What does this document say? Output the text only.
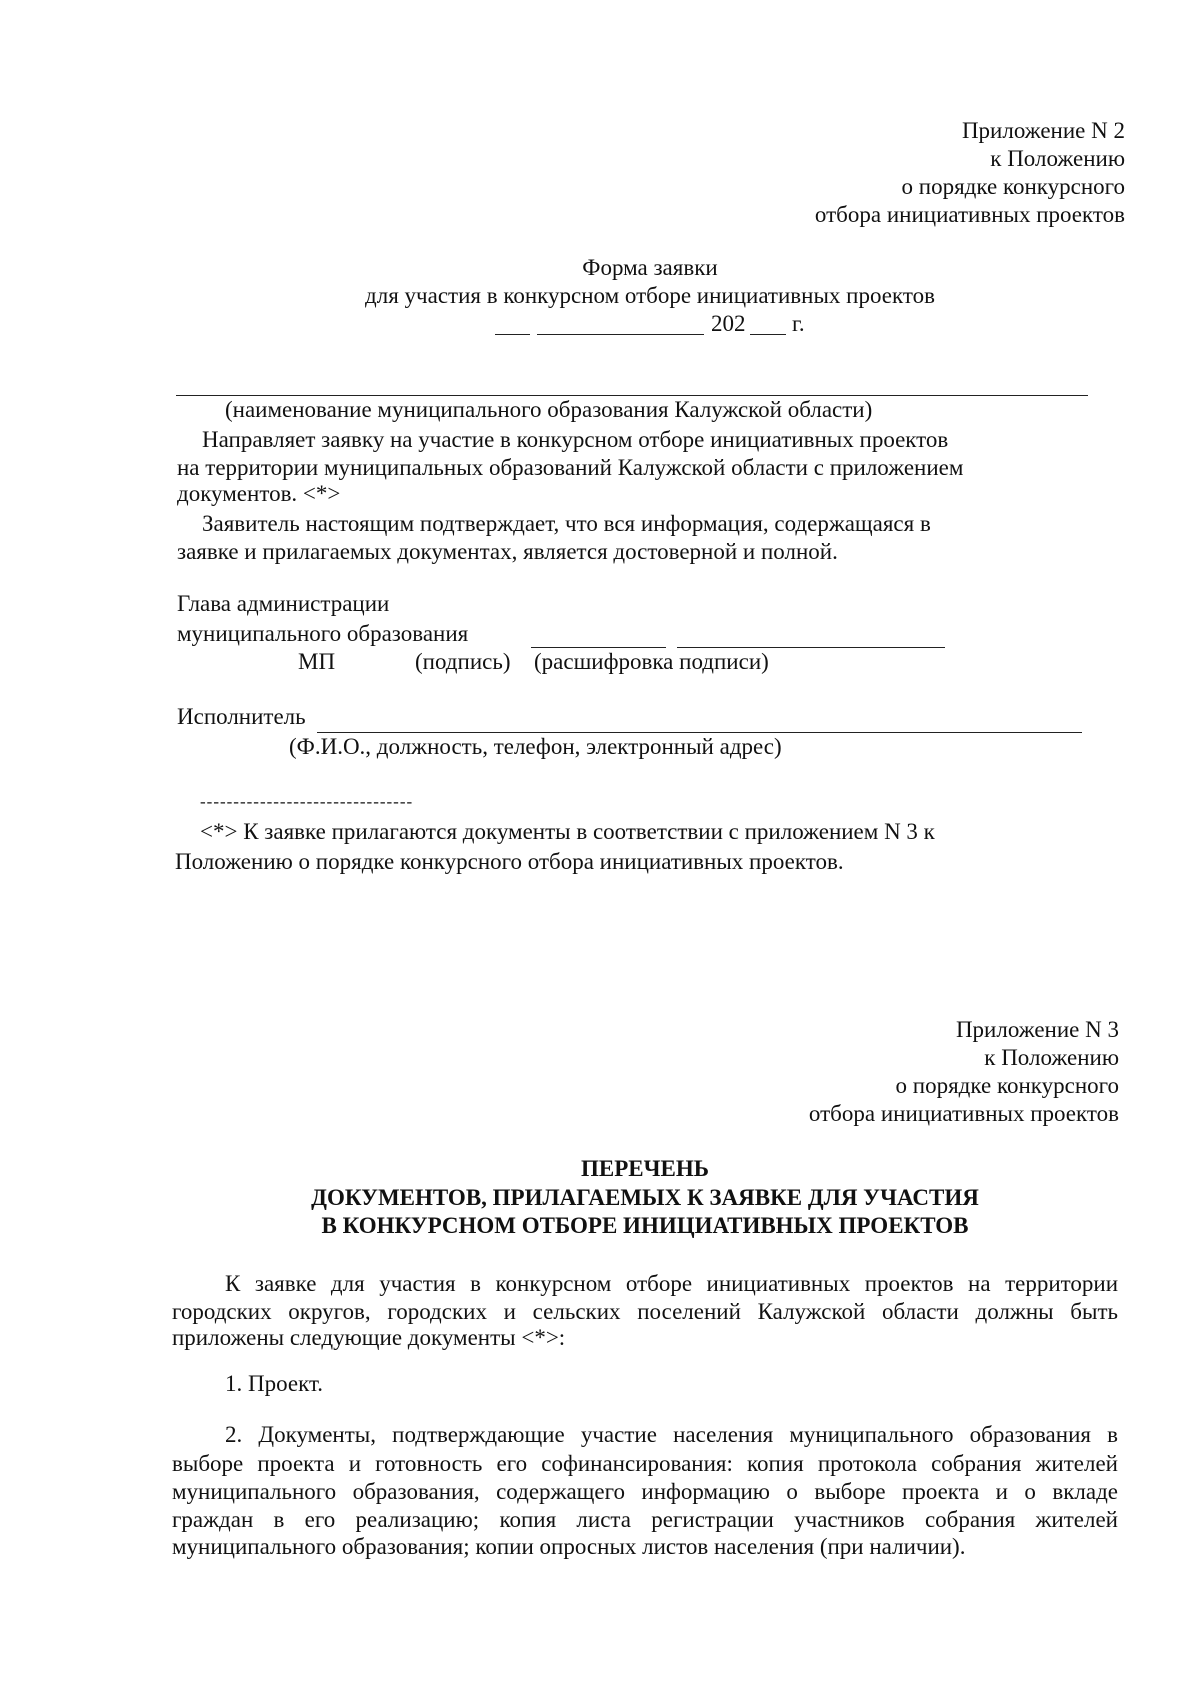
Приложение N 2
к Положению
о порядке конкурсного
отбора инициативных проектов
Форма заявки
для участия в конкурсном отборе инициативных проектов
202 г.
(наименование муниципального образования Калужской области)
Направляет заявку на участие в конкурсном отборе инициативных проектов
на территории муниципальных образований Калужской области с приложением
документов. <*>
Заявитель настоящим подтверждает, что вся информация, содержащаяся в
заявке и прилагаемых документах, является достоверной и полной.
Глава администрации
муниципального образования
МП	(подпись) (расшифровка подписи)
Исполнитель
(Ф.И.О., должность, телефон, электронный адрес)
--------------------------------
<*> К заявке прилагаются документы в соответствии с приложением N 3 к
Положению о порядке конкурсного отбора инициативных проектов.
Приложение N 3
к Положению
о порядке конкурсного
отбора инициативных проектов
ПЕРЕЧЕНЬ
ДОКУМЕНТОВ, ПРИЛАГАЕМЫХ К ЗАЯВКЕ ДЛЯ УЧАСТИЯ
В КОНКУРСНОМ ОТБОРЕ ИНИЦИАТИВНЫХ ПРОЕКТОВ
К заявке для участия в конкурсном отборе инициативных проектов на территории
городских округов, городских и сельских поселений Калужской области должны быть
приложены следующие документы <*>:
1. Проект.
2. Документы, подтверждающие участие населения муниципального образования в
выборе проекта и готовность его софинансирования: копия протокола собрания жителей
муниципального образования, содержащего информацию о выборе проекта и о вкладе
граждан в его реализацию; копия листа регистрации участников собрания жителей
муниципального образования; копии опросных листов населения (при наличии).
